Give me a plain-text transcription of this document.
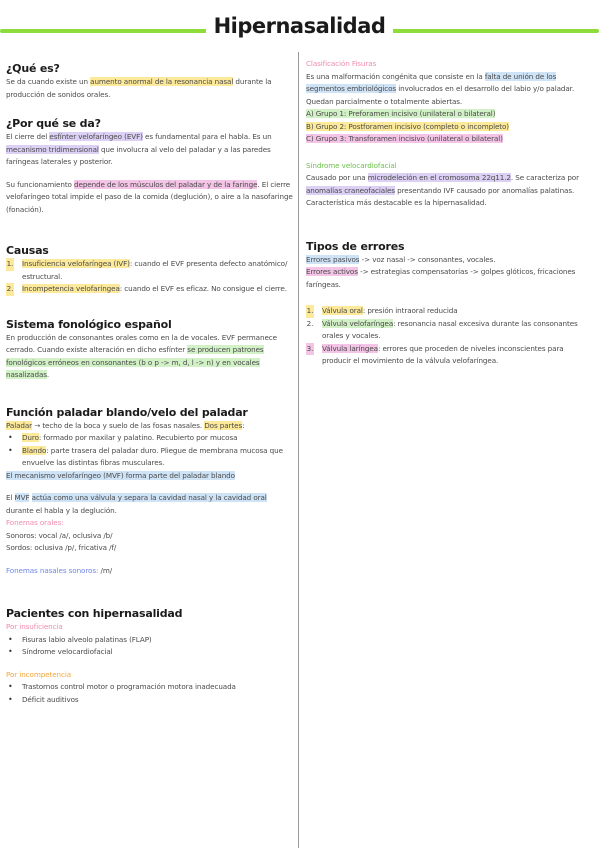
Hipernasalidad
¿Qué es?

Se da cuando existe un aumento anormal de la resonancia nasal durante la producción de sonidos orales.

¿Por qué se da?

El cierre del esfínter velofaríngeo (EVF) es fundamental para el habla. Es un mecanismo tridimensional que involucra al velo del paladar y a las paredes faríngeas laterales y posterior.

Su funcionamiento depende de los músculos del paladar y de la faringe. El cierre velofaríngeo total impide el paso de la comida (deglución), o aire a la nasofaringe (fonación).

Causas
1. Insuficiencia velofaríngea (IVF): cuando el EVF presenta defecto anatómico/ estructural.
2. Incompetencia velofaríngea: cuando el EVF es eficaz. No consigue el cierre.
Sistema fonológico español

En producción de consonantes orales como en la de vocales. EVF permanece cerrado. Cuando existe alteración en dicho esfínter se producen patrones fonológicos erróneos en consonantes (b o p -> m, d, l -> n) y en vocales nasalizadas.

Función paladar blando/velo del paladar

Paladar → techo de la boca y suelo de las fosas nasales. Dos partes:

• Duro: formado por maxilar y palatino. Recubierto por mucosa
• Blando: parte trasera del paladar duro. Pliegue de membrana mucosa que envuelve las distintas fibras musculares.

El mecanismo velofaríngeo (MVF) forma parte del paladar blando

El MVF actúa como una válvula y separa la cavidad nasal y la cavidad oral durante el habla y la deglución.

Fonemas orales:

Sonoros: vocal /a/, oclusiva /b/

Sordos: oclusiva /p/, fricativa /f/

Fonemas nasales sonoros: /m/

Pacientes con hipernasalidad

Por insuficiencia

• Fisuras labio alveolo palatinas (FLAP)
• Síndrome velocardiofacial

Por incompetencia

• Trastornos control motor o programación motora inadecuada
• Déficit auditivos

Clasificación Fisuras

Es una malformación congénita que consiste en la falta de unión de los segmentos embriológicos involucrados en el desarrollo del labio y/o paladar. Quedan parcialmente o totalmente abiertas.

A) Grupo 1: Preforamen incisivo (unilateral o bilateral)

B) Grupo 2: Postforamen incisivo (completo o incompleto)

C) Grupo 3: Transforamen incisivo (unilateral o bilateral)

Síndrome velocardiofacial

Causado por una microdeleción en el cromosoma 22q11.2. Se caracteriza por anomalías craneofaciales presentando IVF causado por anomalías palatinas. Característica más destacable es la hipernasalidad.

Tipos de errores

Errores pasivos -> voz nasal -> consonantes, vocales.

Errores activos -> estrategias compensatorias -> golpes glóticos, fricaciones faríngeas.

1. Válvula oral: presión intraoral reducida
2. Válvula velofaríngea: resonancia nasal excesiva durante las consonantes orales y vocales.
3. Válvula laríngea: errores que proceden de niveles inconscientes para producir el movimiento de la válvula velofaríngea.
